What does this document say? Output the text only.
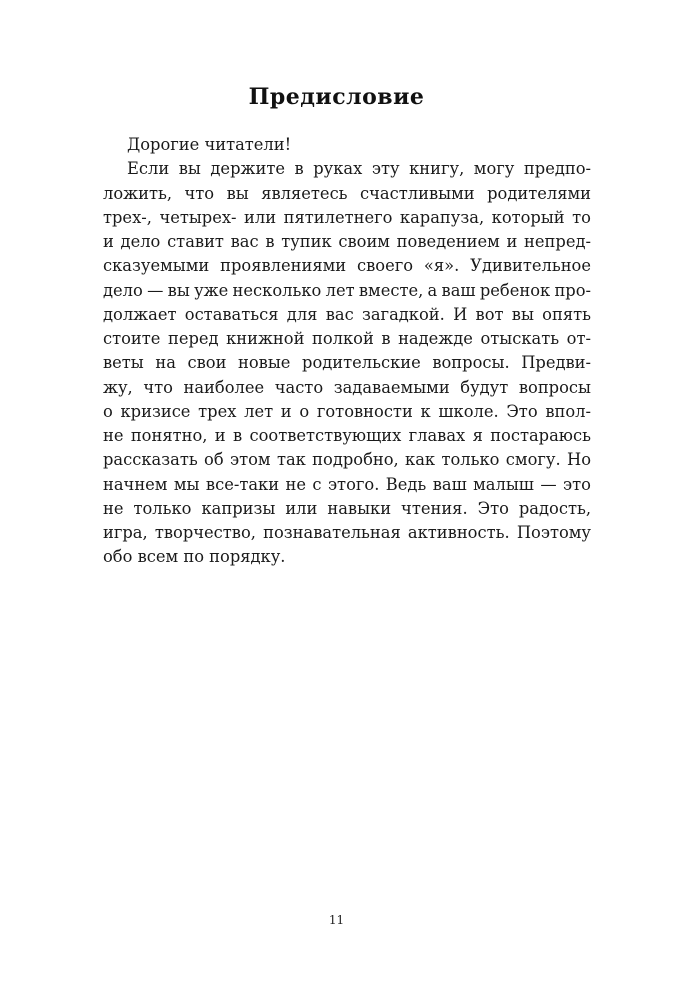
Предисловие
Дорогие читатели!
Если вы держите в руках эту книгу, могу предпо-
ложить, что вы являетесь счастливыми родителями
трех-, четырех- или пятилетнего карапуза, который то
и дело ставит вас в тупик своим поведением и непред-
сказуемыми проявлениями своего «я». Удивительное
дело — вы уже несколько лет вместе, а ваш ребенок про-
должает оставаться для вас загадкой. И вот вы опять
стоите перед книжной полкой в надежде отыскать от-
веты на свои новые родительские вопросы. Предви-
жу, что наиболее часто задаваемыми будут вопросы
о кризисе трех лет и о готовности к школе. Это впол-
не понятно, и в соответствующих главах я постараюсь
рассказать об этом так подробно, как только смогу. Но
начнем мы все-таки не с этого. Ведь ваш малыш — это
не только капризы или навыки чтения. Это радость,
игра, творчество, познавательная активность. Поэтому
обо всем по порядку.
11
